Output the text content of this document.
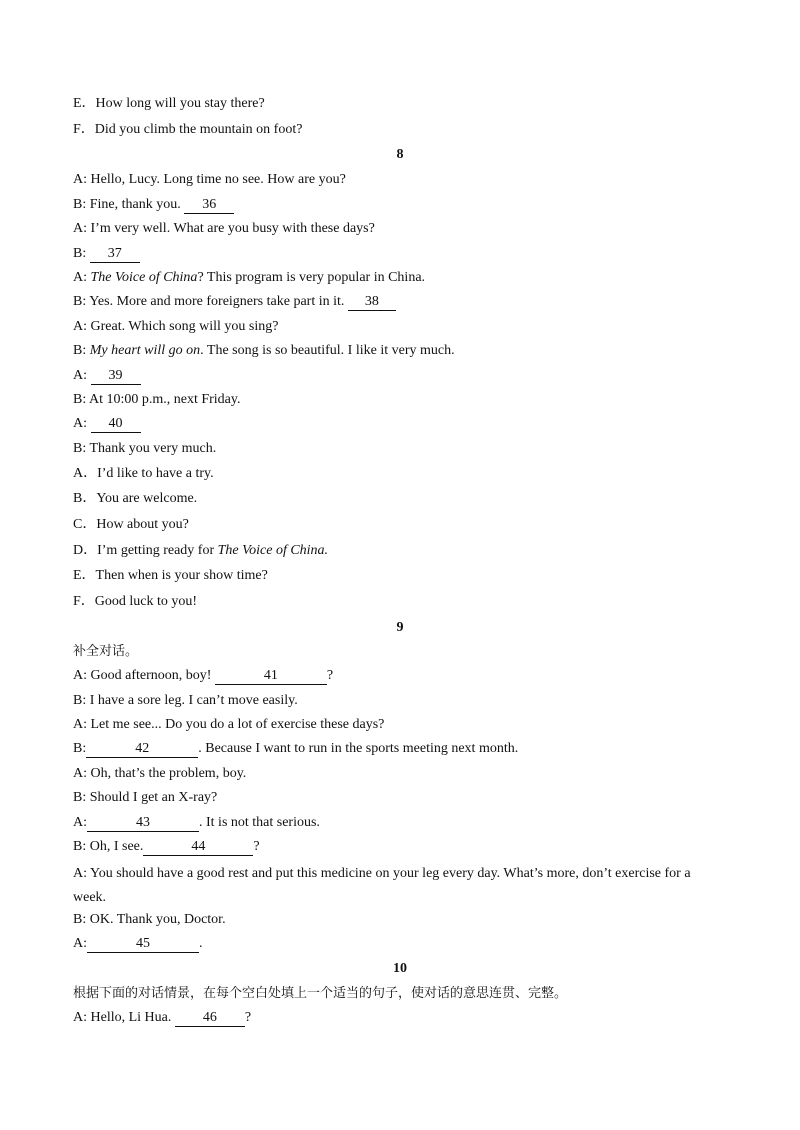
E．How long will you stay there?
F．Did you climb the mountain on foot?
8
A: Hello, Lucy. Long time no see. How are you?
B: Fine, thank you. 36
A: I’m very well. What are you busy with these days?
B: 37
A: The Voice of China? This program is very popular in China.
B: Yes. More and more foreigners take part in it. 38
A: Great. Which song will you sing?
B: My heart will go on. The song is so beautiful. I like it very much.
A: 39
B: At 10:00 p.m., next Friday.
A: 40
B: Thank you very much.
A．I’d like to have a try.
B．You are welcome.
C．How about you?
D．I’m getting ready for The Voice of China.
E．Then when is your show time?
F．Good luck to you!
9
补全对话。
A: Good afternoon, boy!	41	?
B: I have a sore leg. I can’t move easily.
A: Let me see... Do you do a lot of exercise these days?
B:	42	. Because I want to run in the sports meeting next month.
A: Oh, that’s the problem, boy.
B: Should I get an X-ray?
A:	43	. It is not that serious.
B: Oh, I see.	44	?
A: You should have a good rest and put this medicine on your leg every day. What’s more, don’t exercise for a week.
B: OK. Thank you, Doctor.
A:	45	.
10
根据下面的对话情景，在每个空白处填上一个适当的句子，使对话的意思连贯、完整。
A: Hello, Li Hua. 46 ?
